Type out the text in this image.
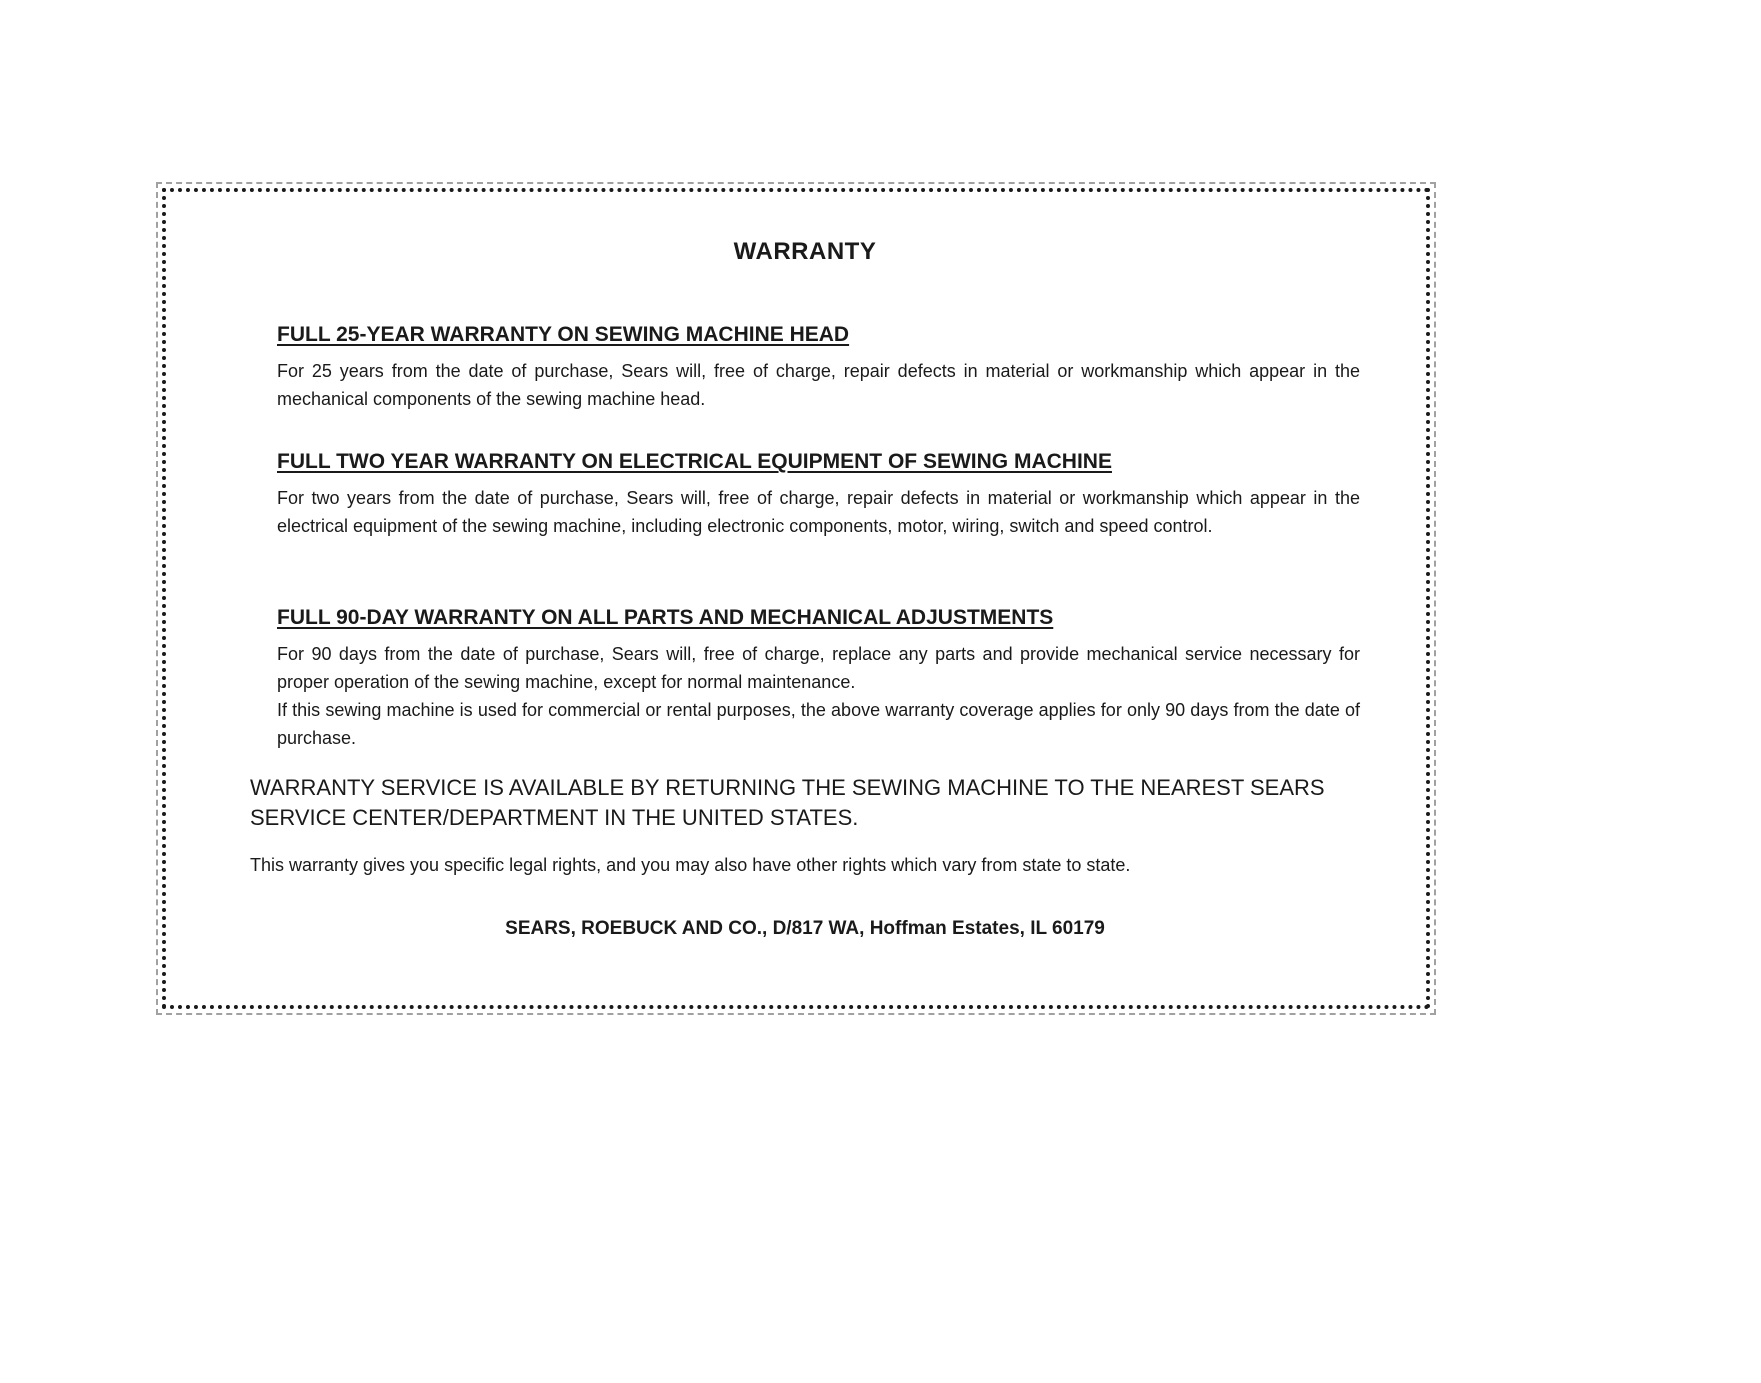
WARRANTY
FULL 25-YEAR WARRANTY ON SEWING MACHINE HEAD

For 25 years from the date of purchase, Sears will, free of charge, repair defects in material or workmanship which appear in the mechanical components of the sewing machine head.

FULL TWO YEAR WARRANTY ON ELECTRICAL EQUIPMENT OF SEWING MACHINE

For two years from the date of purchase, Sears will, free of charge, repair defects in material or workmanship which appear in the electrical equipment of the sewing machine, including electronic components, motor, wiring, switch and speed control.

FULL 90-DAY WARRANTY ON ALL PARTS AND MECHANICAL ADJUSTMENTS

For 90 days from the date of purchase, Sears will, free of charge, replace any parts and provide mechanical service necessary for proper operation of the sewing machine, except for normal maintenance.

If this sewing machine is used for commercial or rental purposes, the above warranty coverage applies for only 90 days from the date of purchase.

WARRANTY SERVICE IS AVAILABLE BY RETURNING THE SEWING MACHINE TO THE NEAREST SEARS SERVICE CENTER/DEPARTMENT IN THE UNITED STATES.

This warranty gives you specific legal rights, and you may also have other rights which vary from state to state.

SEARS, ROEBUCK AND CO., D/817 WA, Hoffman Estates, IL 60179
